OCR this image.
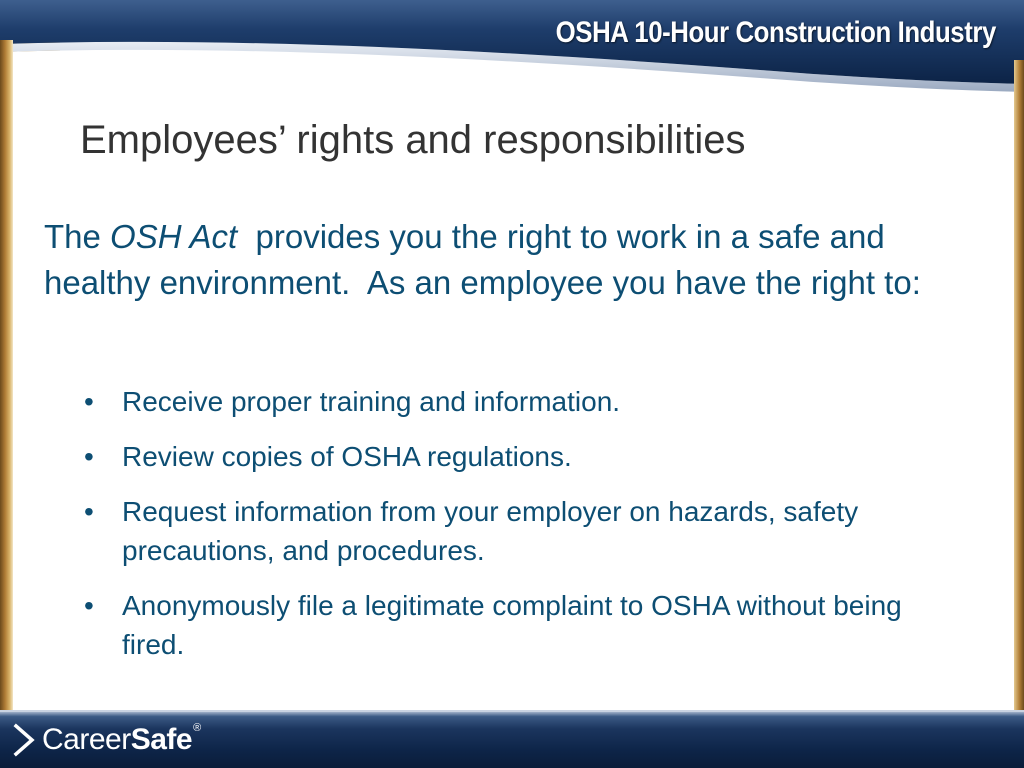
OSHA 10-Hour Construction Industry
Employees’ rights and responsibilities
The OSH Act  provides you the right to work in a safe and healthy environment.  As an employee you have the right to:
• Receive proper training and information.
• Review copies of OSHA regulations.
• Request information from your employer on hazards, safety precautions, and procedures.
• Anonymously file a legitimate complaint to OSHA without being fired.
Career Safe ®
